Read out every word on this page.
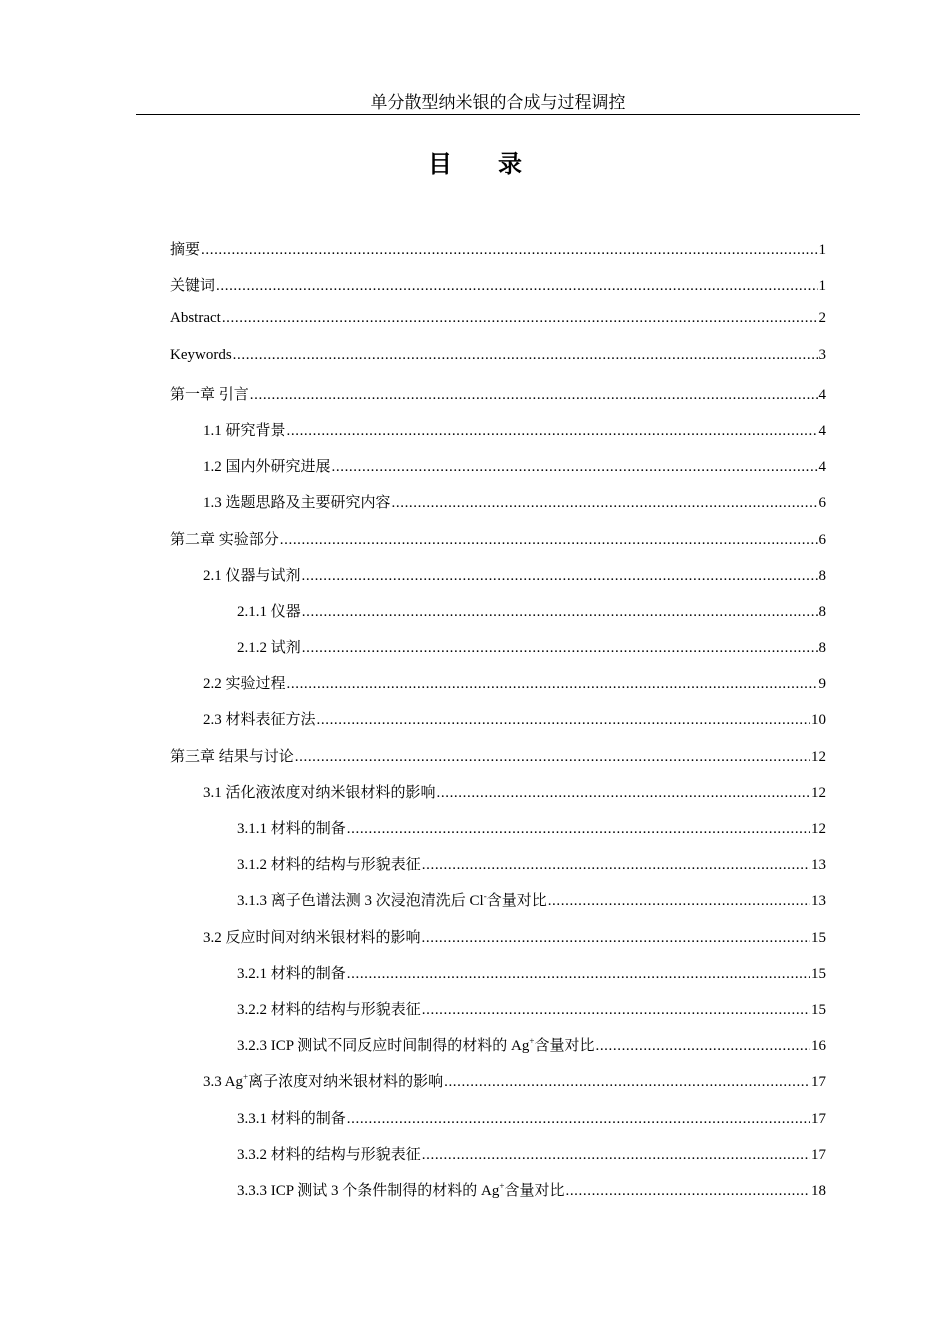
单分散型纳米银的合成与过程调控
目录
摘要 .....	1
关键词 .....	1
Abstract .....	2
Keywords .....	3
第一章 引言 .....	4
1.1 研究背景 .....	4
1.2 国内外研究进展 .....	4
1.3 选题思路及主要研究内容 .....	6
第二章 实验部分 .....	6
2.1 仪器与试剂 .....	8
2.1.1 仪器 .....	8
2.1.2 试剂 .....	8
2.2 实验过程 .....	9
2.3 材料表征方法 .....	10
第三章 结果与讨论 .....	12
3.1 活化液浓度对纳米银材料的影响 .....	12
3.1.1 材料的制备 .....	12
3.1.2 材料的结构与形貌表征 .....	13
3.1.3 离子色谱法测 3 次浸泡清洗后 Cl-含量对比 .....	13
3.2 反应时间对纳米银材料的影响 .....	15
3.2.1 材料的制备 .....	15
3.2.2 材料的结构与形貌表征 .....	15
3.2.3 ICP 测试不同反应时间制得的材料的 Ag+含量对比 .....	16
3.3 Ag+离子浓度对纳米银材料的影响 .....	17
3.3.1 材料的制备 .....	17
3.3.2 材料的结构与形貌表征 .....	17
3.3.3 ICP 测试 3 个条件制得的材料的 Ag+含量对比 .....	18
